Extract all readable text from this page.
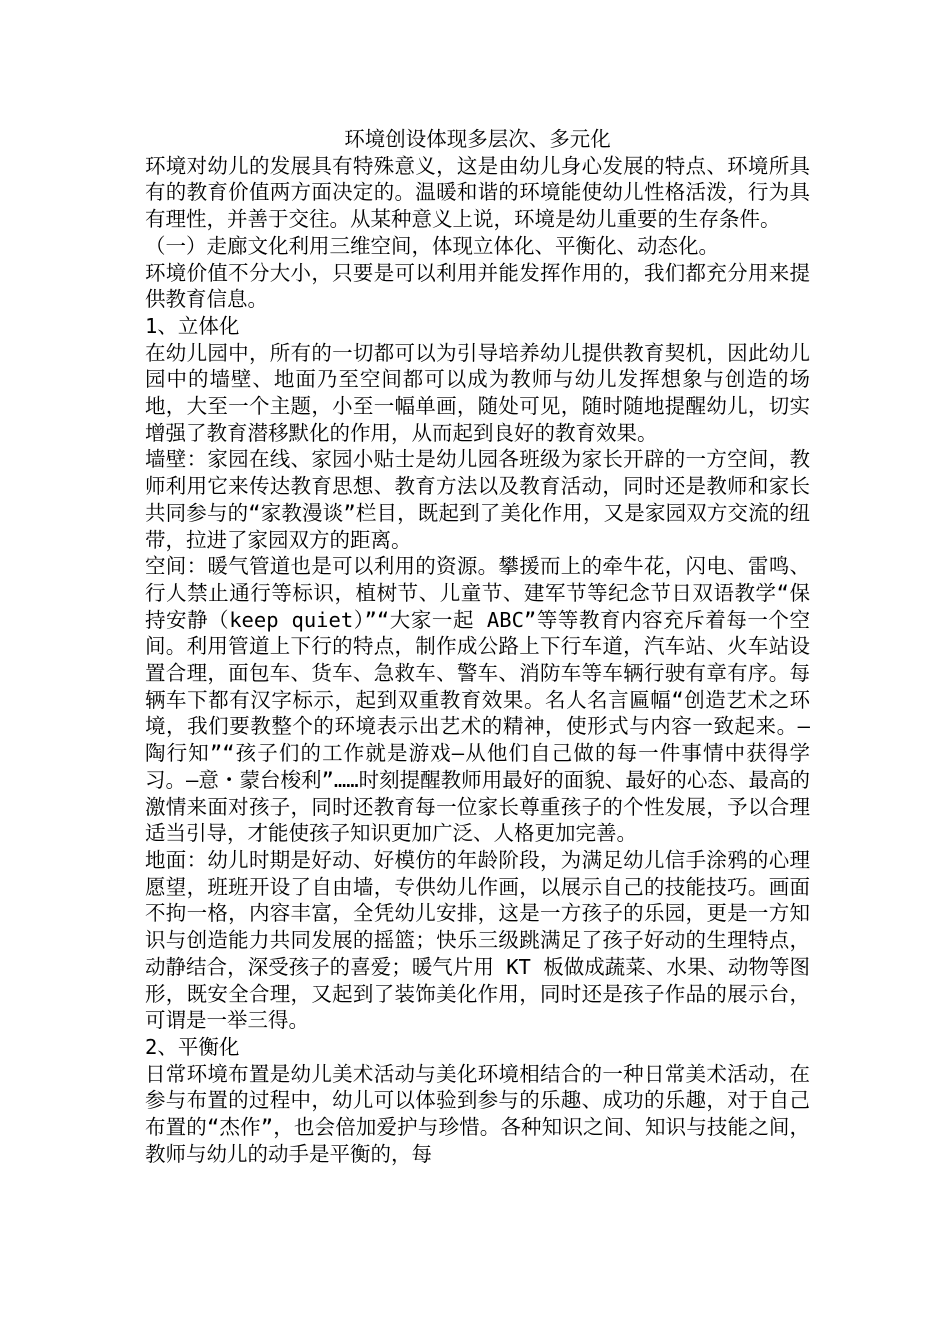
环境创设体现多层次、多元化
环境对幼儿的发展具有特殊意义，这是由幼儿身心发展的特点、环境所具有的教育价值两方面决定的。温暖和谐的环境能使幼儿性格活泼，行为具有理性，并善于交往。从某种意义上说，环境是幼儿重要的生存条件。
（一）走廊文化利用三维空间，体现立体化、平衡化、动态化。
环境价值不分大小，只要是可以利用并能发挥作用的，我们都充分用来提供教育信息。
1、立体化
在幼儿园中，所有的一切都可以为引导培养幼儿提供教育契机，因此幼儿园中的墙壁、地面乃至空间都可以成为教师与幼儿发挥想象与创造的场地，大至一个主题，小至一幅单画，随处可见，随时随地提醒幼儿，切实增强了教育潜移默化的作用，从而起到良好的教育效果。
墙壁：家园在线、家园小贴士是幼儿园各班级为家长开辟的一方空间，教师利用它来传达教育思想、教育方法以及教育活动，同时还是教师和家长共同参与的“家教漫谈”栏目，既起到了美化作用，又是家园双方交流的纽带，拉进了家园双方的距离。
空间：暖气管道也是可以利用的资源。攀援而上的牵牛花，闪电、雷鸣、行人禁止通行等标识，植树节、儿童节、建军节等纪念节日双语教学“保持安静（keep quiet）”“大家一起 ABC”等等教育内容充斥着每一个空间。利用管道上下行的特点，制作成公路上下行车道，汽车站、火车站设置合理，面包车、货车、急救车、警车、消防车等车辆行驶有章有序。每辆车下都有汉字标示，起到双重教育效果。名人名言匾幅“创造艺术之环境，我们要教整个的环境表示出艺术的精神，使形式与内容一致起来。—陶行知”“孩子们的工作就是游戏—从他们自己做的每一件事情中获得学习。—意・蒙台梭利”……时刻提醒教师用最好的面貌、最好的心态、最高的激情来面对孩子，同时还教育每一位家长尊重孩子的个性发展，予以合理适当引导，才能使孩子知识更加广泛、人格更加完善。
地面：幼儿时期是好动、好模仿的年龄阶段，为满足幼儿信手涂鸦的心理愿望，班班开设了自由墙，专供幼儿作画，以展示自己的技能技巧。画面不拘一格，内容丰富，全凭幼儿安排，这是一方孩子的乐园，更是一方知识与创造能力共同发展的摇篮；快乐三级跳满足了孩子好动的生理特点，动静结合，深受孩子的喜爱；暖气片用 KT 板做成蔬菜、水果、动物等图形，既安全合理，又起到了装饰美化作用，同时还是孩子作品的展示台，可谓是一举三得。
2、平衡化
日常环境布置是幼儿美术活动与美化环境相结合的一种日常美术活动，在参与布置的过程中，幼儿可以体验到参与的乐趣、成功的乐趣，对于自己布置的“杰作”，也会倍加爱护与珍惜。各种知识之间、知识与技能之间，教师与幼儿的动手是平衡的，每
